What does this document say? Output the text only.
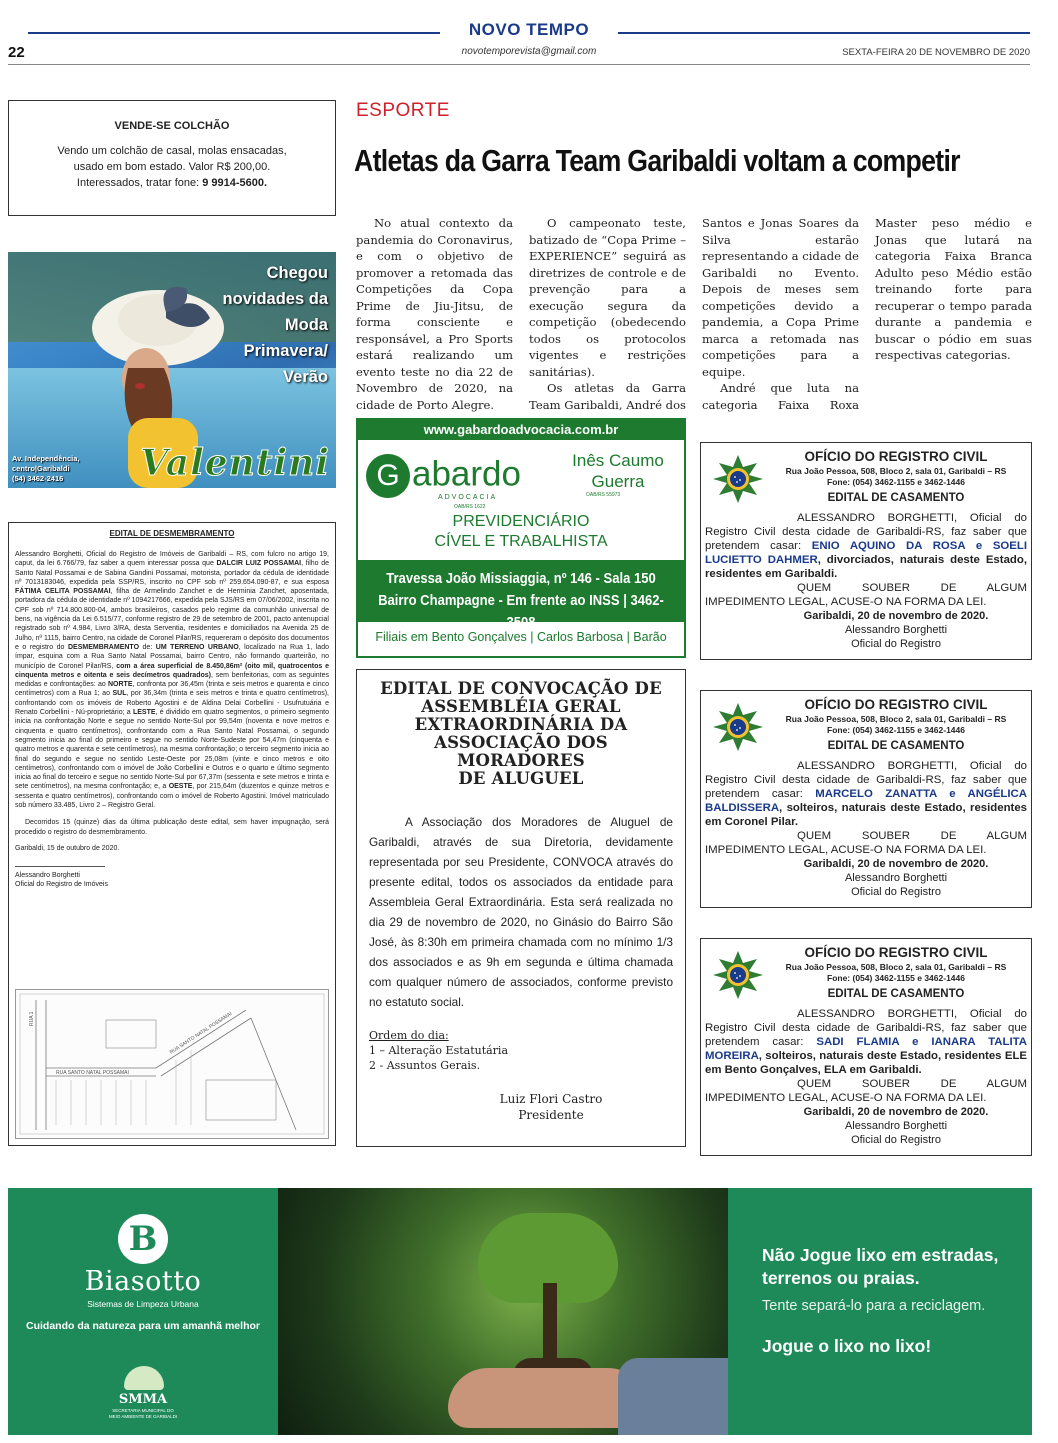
NOVO TEMPO
novotemporevista@gmail.com
22	SEXTA-FEIRA 20 DE NOVEMBRO DE 2020
VENDE-SE COLCHÃO
Vendo um colchão de casal, molas ensacadas,
usado em bom estado. Valor R$ 200,00.
Interessados, tratar fone: 9 9914-5600.
Chegou
novidades da
Moda
Primavera/
Verão
Valentini
Av. Independência,
centro|Garibaldi
(54) 3462-2416
EDITAL DE DESMEMBRAMENTO
Alessandro Borghetti, Oficial do Registro de Imóveis de Garibaldi – RS, com fulcro no artigo 19, caput, da lei 6.766/79, faz saber a quem interessar possa que DALCIR LUIZ POSSAMAI, filho de Santo Natal Possamai e de Sabina Gandini Possamai, motorista, portador da cédula de identidade nº 7013183046, expedida pela SSP/RS, inscrito no CPF sob nº 259.654.090-87, e sua esposa FÁTIMA CELITA POSSAMAI, filha de Armelindo Zanchet e de Herminia Zanchet, aposentada, portadora da cédula de identidade nº 1094217666, expedida pela SJS/RS em 07/06/2002, inscrita no CPF sob nº 714.800.800-04, ambos brasileiros, casados pelo regime da comunhão universal de bens, na vigência da Lei 6.515/77, conforme registro de 29 de setembro de 2001, pacto antenupcial registrado sob nº 4.984, Livro 3/RA, desta Serventia, residentes e domiciliados na Avenida 25 de Julho, nº 1115, bairro Centro, na cidade de Coronel Pilar/RS, requereram o depósito dos documentos e o registro do DESMEMBRAMENTO de: UM TERRENO URBANO, localizado na Rua 1, lado ímpar, esquina com a Rua Santo Natal Possamai, bairro Centro, não formando quarteirão, no município de Coronel Pilar/RS, com a área superficial de 8.450,86m² (oito mil, quatrocentos e cinquenta metros e oitenta e seis decímetros quadrados), sem benfeitorias, com as seguintes medidas e confrontações: ao NORTE, confronta por 36,45m (trinta e seis metros e quarenta e cinco centímetros) com a Rua 1; ao SUL, por 36,34m (trinta e seis metros e trinta e quatro centímetros), confrontando com os imóveis de Roberto Agostini e de Aldina Delai Corbellini - Usufrutuária e Renato Corbellini - Nú-proprietário; a LESTE, é dividido em quatro segmentos, o primeiro segmento inicia na confrontação Norte e segue no sentido Norte-Sul por 99,54m (noventa e nove metros e cinquenta e quatro centímetros), confrontando com a Rua Santo Natal Possamai, o segundo segmento inicia ao final do primeiro e segue no sentido Norte-Sudeste por 54,47m (cinquenta e quatro metros e quarenta e sete centímetros), na mesma confrontação; o terceiro segmento inicia ao final do segundo e segue no sentido Leste-Oeste por 25,08m (vinte e cinco metros e oito centímetros), confrontando com o imóvel de João Corbellini e Outros e o quarto e último segmento inicia ao final do terceiro e segue no sentido Norte-Sul por 67,37m (sessenta e sete metros e trinta e sete centímetros), na mesma confrontação; e, a OESTE, por 215,64m (duzentos e quinze metros e sessenta e quatro centímetros), confrontando com o imóvel de Roberto Agostini. Imóvel matriculado sob número 33.485, Livro 2 – Registro Geral.
Decorridos 15 (quinze) dias da última publicação deste edital, sem haver impugnação, será procedido o registro do desmembramento.
Garibaldi, 15 de outubro de 2020.
Alessandro Borghetti
Oficial do Registro de Imóveis
RUA SANTO NATAL POSSAMAI
RUA SANTO NATAL POSSAMAI
RUA 1
ESPORTE
Atletas da Garra Team Garibaldi voltam a competir

No atual contexto da pandemia do Coronavirus, e com o objetivo de promover a retomada das Competições da Copa Prime de Jiu-Jitsu, de forma consciente e responsável, a Pro Sports estará realizando um evento teste no dia 22 de Novembro de 2020, na cidade de Porto Alegre.

O campeonato teste, batizado de “Copa Prime – EXPERIENCE” seguirá as diretrizes de controle e de prevenção para a execução segura da competição (obedecendo todos os protocolos vigentes e restrições sanitárias).

Os atletas da Garra Team Garibaldi, André dos Santos e Jonas Soares da Silva estarão representando a cidade de Garibaldi no Evento. Depois de meses sem competições devido a pandemia, a Copa Prime marca a retomada nas competições para a equipe.

André que luta na categoria Faixa Roxa Master peso médio e Jonas que lutará na categoria Faixa Branca Adulto peso Médio estão treinando forte para recuperar o tempo parada durante a pandemia e buscar o pódio em suas respectivas categorias.

www.gabardoadvocacia.com.br
G abardo
ADVOCACIA
OAB/RS 1622
Inês Caumo
Guerra
OAB/RS 55973
PREVIDENCIÁRIO
CÍVEL E TRABALHISTA
Travessa João Missiaggia, nº 146 - Sala 150
Bairro Champagne - Em frente ao INSS | 3462-3508
Filiais em Bento Gonçalves | Carlos Barbosa | Barão
EDITAL DE CONVOCAÇÃO DE
ASSEMBLÉIA GERAL
EXTRAORDINÁRIA DA
ASSOCIAÇÃO DOS MORADORES
DE ALUGUEL
A Associação dos Moradores de Aluguel de Garibaldi, através de sua Diretoria, devidamente representada por seu Presidente, CONVOCA através do presente edital, todos os associados da entidade para Assembleia Geral Extraordinária. Esta será realizada no dia 29 de novembro de 2020, no Ginásio do Bairro São José, às 8:30h em primeira chamada com no mínimo 1/3 dos associados e as 9h em segunda e última chamada com qualquer número de associados, conforme previsto no estatuto social.
Ordem do dia:
1 – Alteração Estatutária
2 - Assuntos Gerais.
Luiz Flori Castro
Presidente
OFÍCIO DO REGISTRO CIVIL
Rua João Pessoa, 508, Bloco 2, sala 01, Garibaldi – RS
Fone: (054) 3462-1155 e 3462-1446
EDITAL DE CASAMENTO
ALESSANDRO BORGHETTI, Oficial do Registro Civil desta cidade de Garibaldi-RS, faz saber que pretendem casar: ENIO AQUINO DA ROSA e SOELI LUCIETTO DAHMER, divorciados, naturais deste Estado, residentes em Garibaldi.
QUEM SOUBER DE ALGUM IMPEDIMENTO LEGAL, ACUSE-O NA FORMA DA LEI.
Garibaldi, 20 de novembro de 2020.
Alessandro Borghetti
Oficial do Registro
OFÍCIO DO REGISTRO CIVIL
Rua João Pessoa, 508, Bloco 2, sala 01, Garibaldi – RS
Fone: (054) 3462-1155 e 3462-1446
EDITAL DE CASAMENTO
ALESSANDRO BORGHETTI, Oficial do Registro Civil desta cidade de Garibaldi-RS, faz saber que pretendem casar: MARCELO ZANATTA e ANGÉLICA BALDISSERA, solteiros, naturais deste Estado, residentes em Coronel Pilar.
QUEM SOUBER DE ALGUM IMPEDIMENTO LEGAL, ACUSE-O NA FORMA DA LEI.
Garibaldi, 20 de novembro de 2020.
Alessandro Borghetti
Oficial do Registro
OFÍCIO DO REGISTRO CIVIL
Rua João Pessoa, 508, Bloco 2, sala 01, Garibaldi – RS
Fone: (054) 3462-1155 e 3462-1446
EDITAL DE CASAMENTO
ALESSANDRO BORGHETTI, Oficial do Registro Civil desta cidade de Garibaldi-RS, faz saber que pretendem casar: SADI FLAMIA e IANARA TALITA MOREIRA, solteiros, naturais deste Estado, residentes ELE em Bento Gonçalves, ELA em Garibaldi.
QUEM SOUBER DE ALGUM IMPEDIMENTO LEGAL, ACUSE-O NA FORMA DA LEI.
Garibaldi, 20 de novembro de 2020.
Alessandro Borghetti
Oficial do Registro
B
Biasotto
Sistemas de Limpeza Urbana
Cuidando da natureza para um amanhã melhor
SMMA
SECRETARIA MUNICIPAL DO
MEIO AMBIENTE DE GARIBALDI
Não Jogue lixo em estradas,
terrenos ou praias.
Tente separá-lo para a reciclagem.
Jogue o lixo no lixo!
